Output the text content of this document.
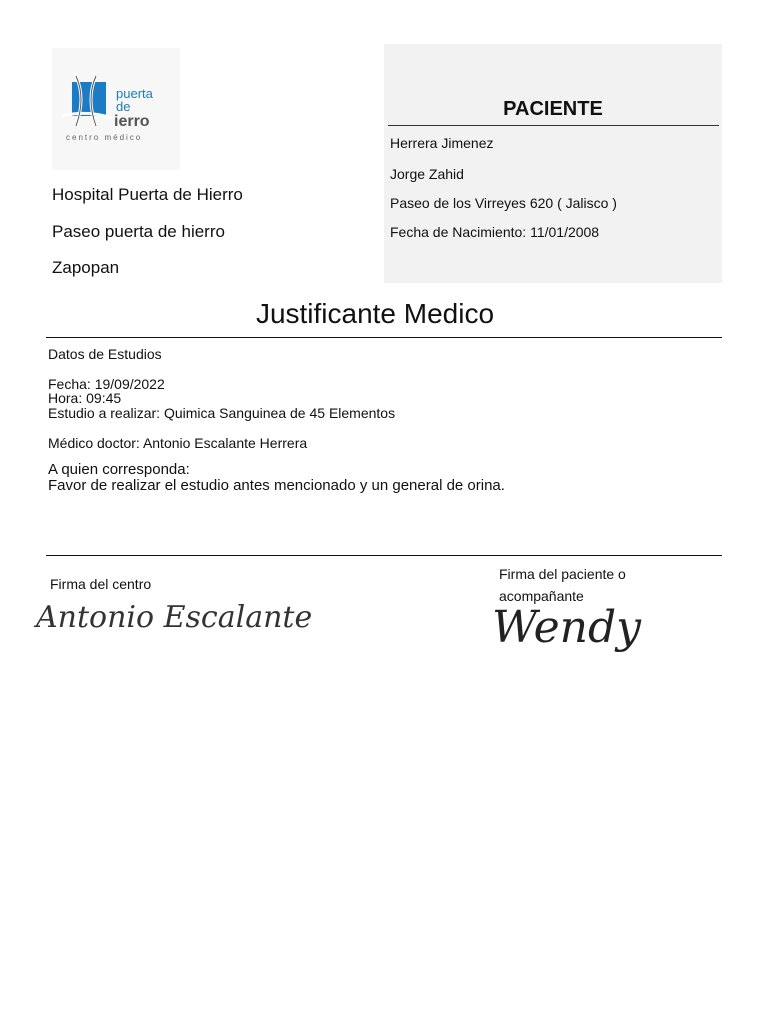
puerta
de
ierro
centro médico
Hospital Puerta de Hierro
Paseo puerta de hierro
Zapopan
PACIENTE
Herrera Jimenez
Jorge Zahid
Paseo de los Virreyes 620 ( Jalisco )
Fecha de Nacimiento: 11/01/2008
Justificante Medico
Datos de Estudios
Fecha: 19/09/2022
Hora: 09:45
Estudio a realizar: Quimica Sanguinea de 45 Elementos
Médico doctor: Antonio Escalante Herrera
A quien corresponda:
Favor de realizar el estudio antes mencionado y un general de orina.
Firma del centro
Antonio Escalante
Firma del paciente o
acompañante
Wendy
